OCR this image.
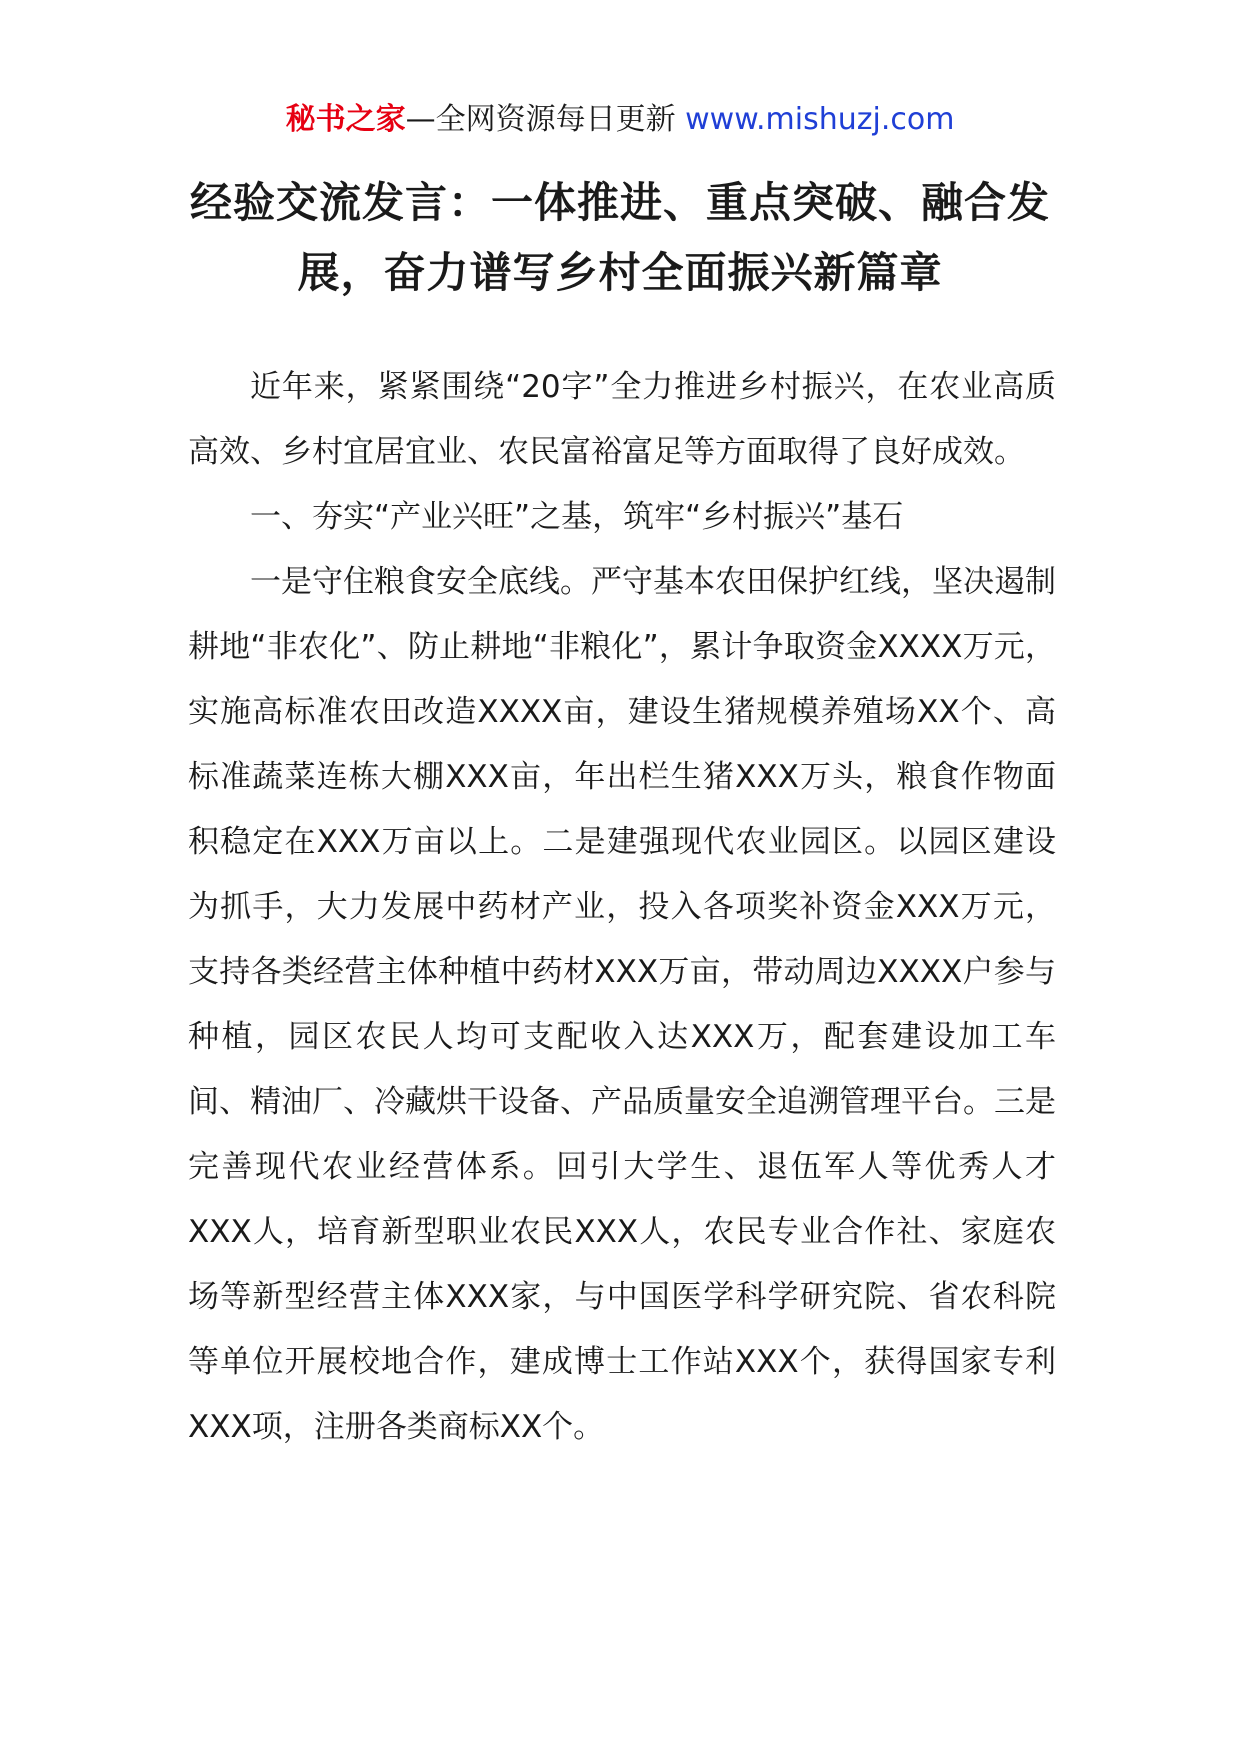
秘书之家—全网资源每日更新 www.mishuzj.com
经验交流发言：一体推进、重点突破、融合发展，奋力谱写乡村全面振兴新篇章

近年来，紧紧围绕“20字”全力推进乡村振兴，在农业高质高效、乡村宜居宜业、农民富裕富足等方面取得了良好成效。

一、夯实“产业兴旺”之基，筑牢“乡村振兴”基石

一是守住粮食安全底线。严守基本农田保护红线，坚决遏制耕地“非农化”、防止耕地“非粮化”，累计争取资金XXXX万元，实施高标准农田改造XXXX亩，建设生猪规模养殖场XX个、高标准蔬菜连栋大棚XXX亩，年出栏生猪XXX万头，粮食作物面积稳定在XXX万亩以上。二是建强现代农业园区。以园区建设为抓手，大力发展中药材产业，投入各项奖补资金XXX万元，支持各类经营主体种植中药材XXX万亩，带动周边XXXX户参与种植，园区农民人均可支配收入达XXX万，配套建设加工车间、精油厂、冷藏烘干设备、产品质量安全追溯管理平台。三是完善现代农业经营体系。回引大学生、退伍军人等优秀人才XXX人，培育新型职业农民XXX人，农民专业合作社、家庭农场等新型经营主体XXX家，与中国医学科学研究院、省农科院等单位开展校地合作，建成博士工作站XXX个，获得国家专利XXX项，注册各类商标XX个。
